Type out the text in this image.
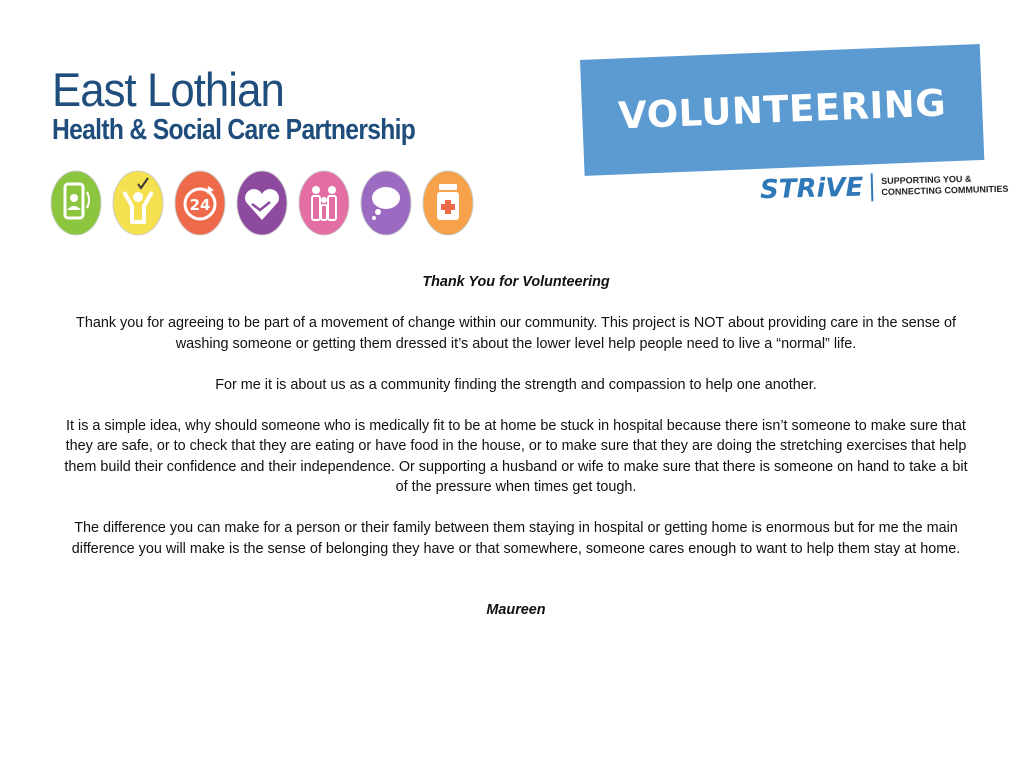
East Lothian
Health & Social Care Partnership
24
VOLUNTEERING
STRiVE SUPPORTING YOU &
CONNECTING COMMUNITIES

Thank You for Volunteering

Thank you for agreeing to be part of a movement of change within our community. This project is NOT about providing care in the sense of washing someone or getting them dressed it’s about the lower level help people need to live a “normal” life.

For me it is about us as a community finding the strength and compassion to help one another.

It is a simple idea, why should someone who is medically fit to be at home be stuck in hospital because there isn’t someone to make sure that they are safe, or to check that they are eating or have food in the house, or to make sure that they are doing the stretching exercises that help them build their confidence and their independence. Or supporting a husband or wife to make sure that there is someone on hand to take a bit of the pressure when times get tough.

The difference you can make for a person or their family between them staying in hospital or getting home is enormous but for me the main difference you will make is the sense of belonging they have or that somewhere, someone cares enough to want to help them stay at home.

Maureen
